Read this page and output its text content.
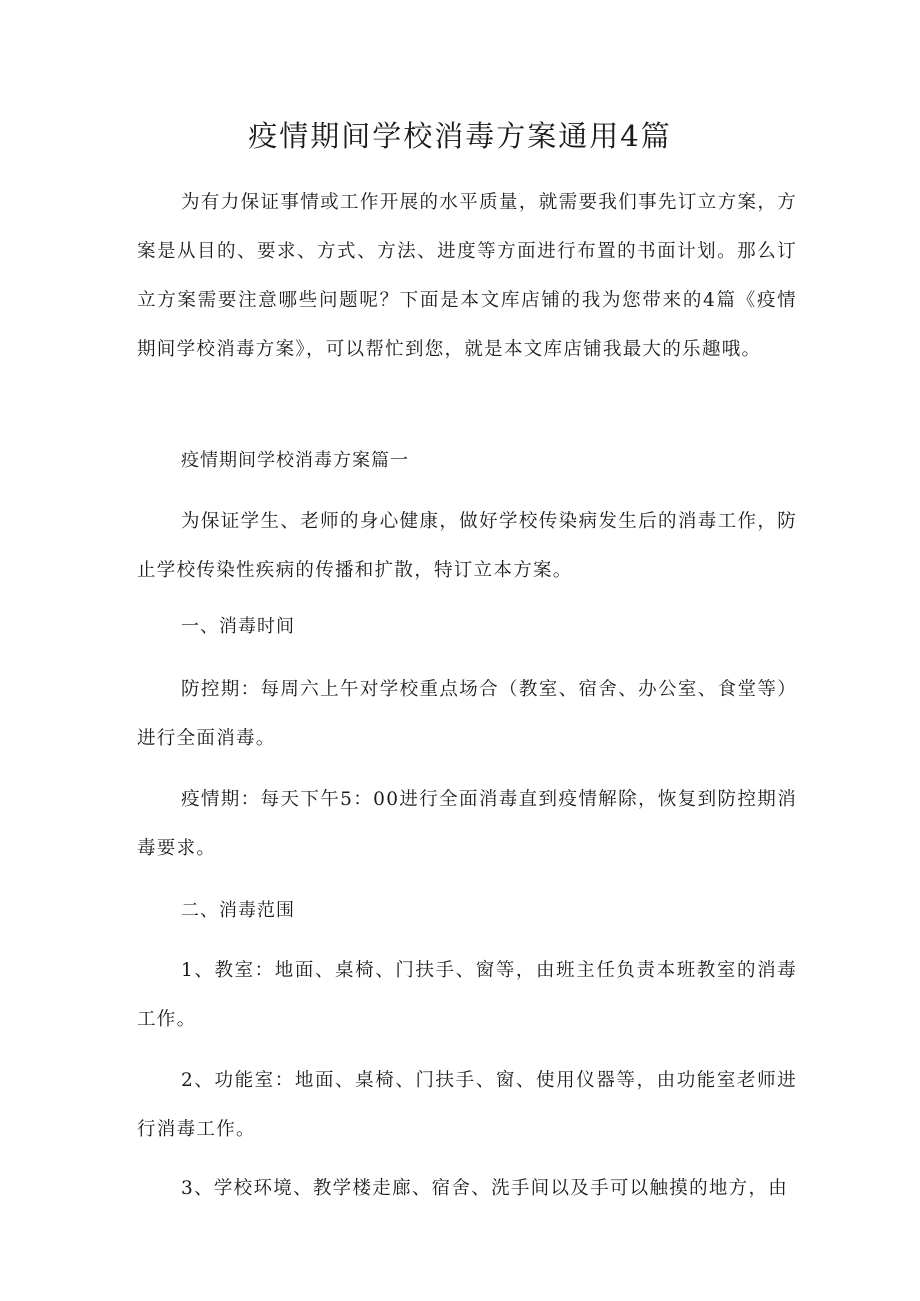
疫情期间学校消毒方案通用4篇

为有力保证事情或工作开展的水平质量，就需要我们事先订立方案，方案是从目的、要求、方式、方法、进度等方面进行布置的书面计划。那么订立方案需要注意哪些问题呢？下面是本文库店铺的我为您带来的4篇《疫情期间学校消毒方案》，可以帮忙到您，就是本文库店铺我最大的乐趣哦。

疫情期间学校消毒方案篇一

为保证学生、老师的身心健康，做好学校传染病发生后的消毒工作，防止学校传染性疾病的传播和扩散，特订立本方案。

一、消毒时间

防控期：每周六上午对学校重点场合（教室、宿舍、办公室、食堂等）进行全面消毒。

疫情期：每天下午5：00进行全面消毒直到疫情解除，恢复到防控期消毒要求。

二、消毒范围

1、教室：地面、桌椅、门扶手、窗等，由班主任负责本班教室的消毒工作。

2、功能室：地面、桌椅、门扶手、窗、使用仪器等，由功能室老师进行消毒工作。

3、学校环境、教学楼走廊、宿舍、洗手间以及手可以触摸的地方，由
